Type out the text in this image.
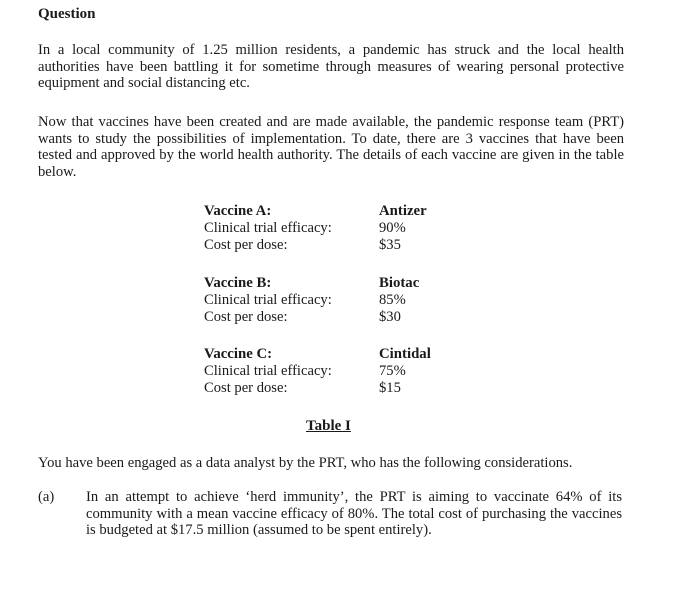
Question

In a local community of 1.25 million residents, a pandemic has struck and the local health authorities have been battling it for sometime through measures of wearing personal protective equipment and social distancing etc.

Now that vaccines have been created and are made available, the pandemic response team (PRT) wants to study the possibilities of implementation. To date, there are 3 vaccines that have been tested and approved by the world health authority. The details of each vaccine are given in the table below.

Vaccine A:	Antizer
Clinical trial efficacy:	90%
Cost per dose:	$35
Vaccine B:	Biotac
Clinical trial efficacy:	85%
Cost per dose:	$30
Vaccine C:	Cintidal
Clinical trial efficacy:	75%
Cost per dose:	$15
Table I
You have been engaged as a data analyst by the PRT, who has the following considerations.
(a) In an attempt to achieve ‘herd immunity’, the PRT is aiming to vaccinate 64% of its community with a mean vaccine efficacy of 80%. The total cost of purchasing the vaccines is budgeted at $17.5 million (assumed to be spent entirely).
